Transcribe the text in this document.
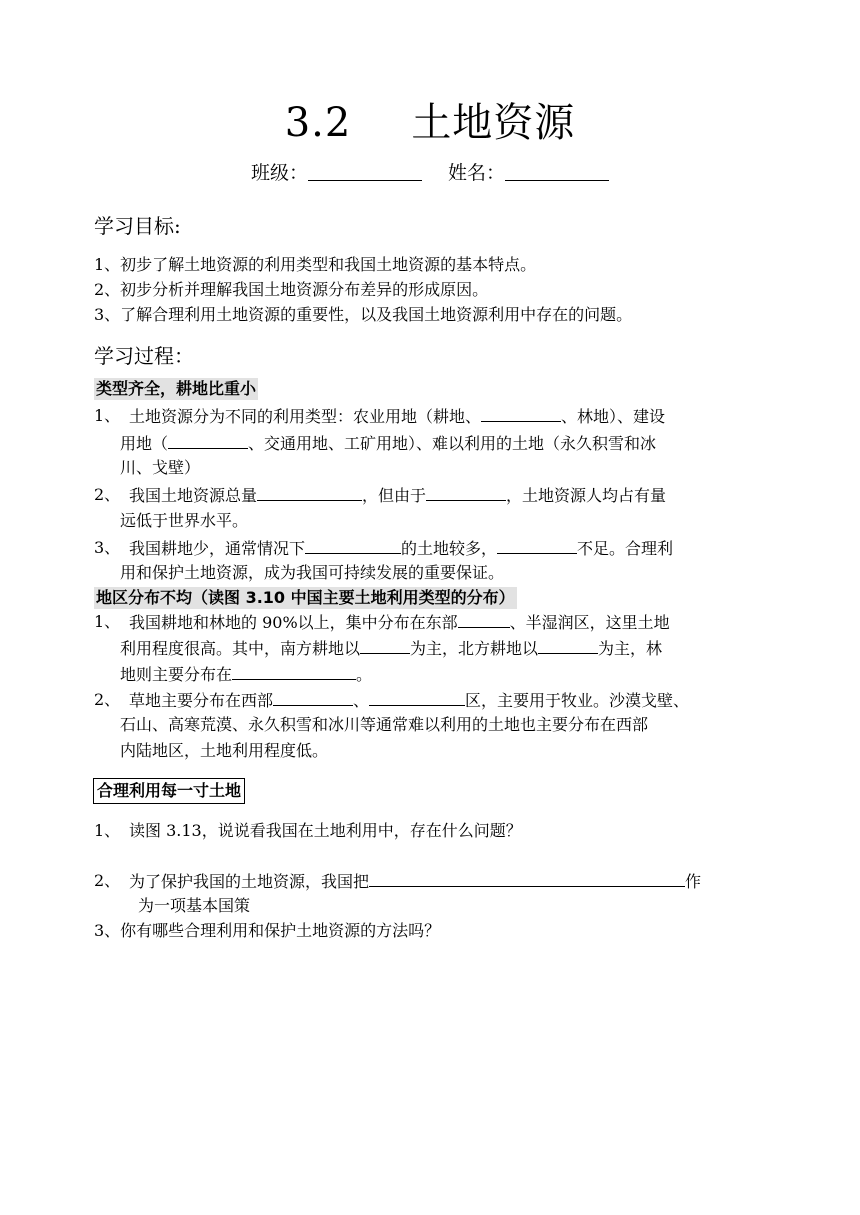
3.2 土地资源
班级：	姓名：
学习目标:
1、初步了解土地资源的利用类型和我国土地资源的基本特点。
2、初步分析并理解我国土地资源分布差异的形成原因。
3、了解合理利用土地资源的重要性，以及我国土地资源利用中存在的问题。
学习过程：
类型齐全，耕地比重小
1、 土地资源分为不同的利用类型：农业用地（耕地、	、林地）、建设
用地（	、交通用地、工矿用地）、难以利用的土地（永久积雪和冰
川、戈壁）
2、 我国土地资源总量	，但由于	，土地资源人均占有量
远低于世界水平。
3、 我国耕地少，通常情况下	的土地较多，	不足。合理利
用和保护土地资源，成为我国可持续发展的重要保证。
地区分布不均（读图 3.10 中国主要土地利用类型的分布）
1、 我国耕地和林地的 90%以上，集中分布在东部	、半湿润区，这里土地
利用程度很高。其中，南方耕地以	为主，北方耕地以	为主，林
地则主要分布在	。
2、 草地主要分布在西部	、	区，主要用于牧业。沙漠戈壁、
石山、高寒荒漠、永久积雪和冰川等通常难以利用的土地也主要分布在西部
内陆地区，土地利用程度低。
合理利用每一寸土地
1、 读图 3.13，说说看我国在土地利用中，存在什么问题？
2、 为了保护我国的土地资源，我国把	作
为一项基本国策
3、你有哪些合理利用和保护土地资源的方法吗？
